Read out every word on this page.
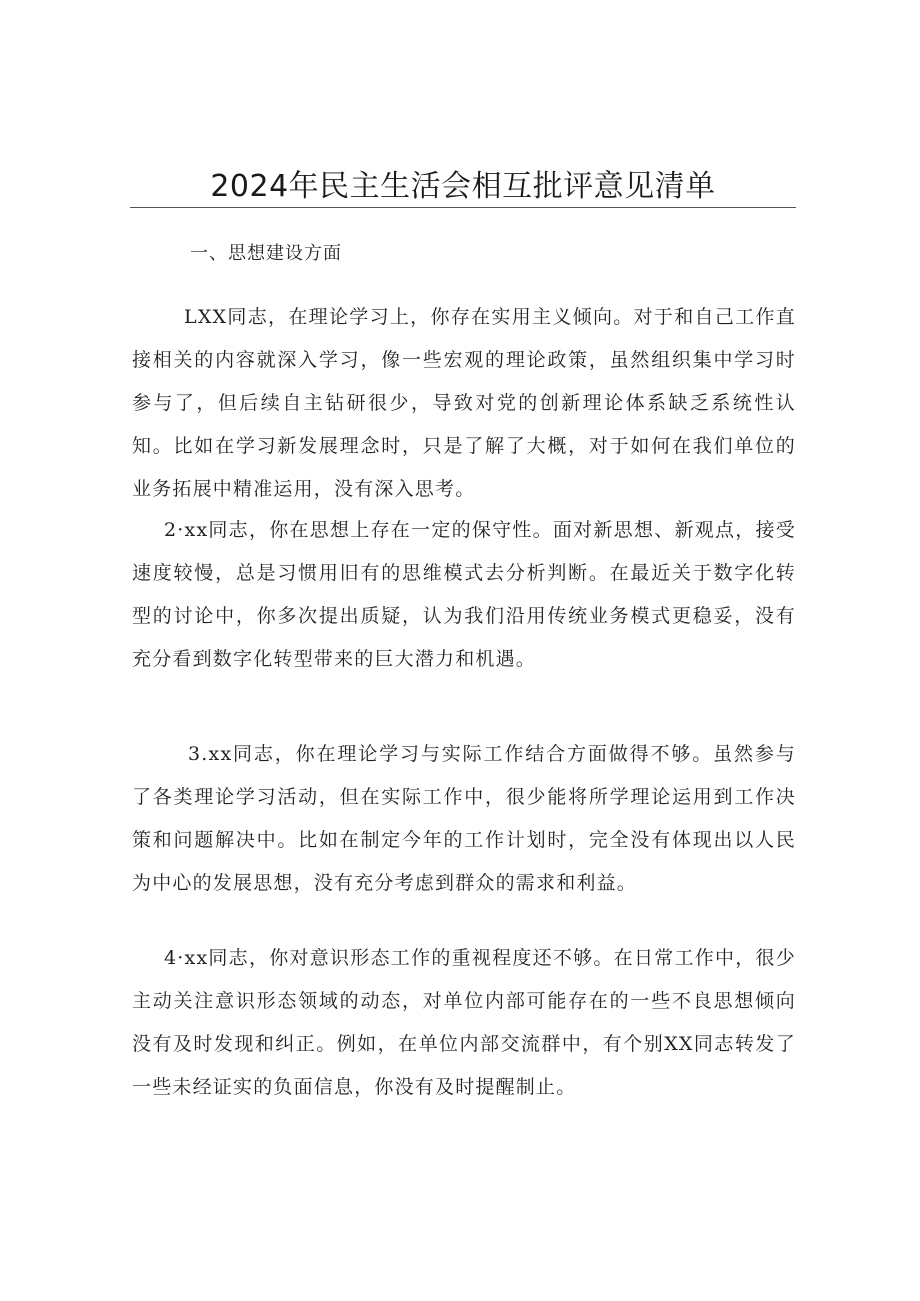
2024年民主生活会相互批评意见清单
一、思想建设方面

LXX同志，在理论学习上，你存在实用主义倾向。对于和自己工作直接相关的内容就深入学习，像一些宏观的理论政策，虽然组织集中学习时参与了，但后续自主钻研很少，导致对党的创新理论体系缺乏系统性认知。比如在学习新发展理念时，只是了解了大概，对于如何在我们单位的业务拓展中精准运用，没有深入思考。

2·xx同志，你在思想上存在一定的保守性。面对新思想、新观点，接受速度较慢，总是习惯用旧有的思维模式去分析判断。在最近关于数字化转型的讨论中，你多次提出质疑，认为我们沿用传统业务模式更稳妥，没有充分看到数字化转型带来的巨大潜力和机遇。

3.xx同志，你在理论学习与实际工作结合方面做得不够。虽然参与了各类理论学习活动，但在实际工作中，很少能将所学理论运用到工作决策和问题解决中。比如在制定今年的工作计划时，完全没有体现出以人民为中心的发展思想，没有充分考虑到群众的需求和利益。

4·xx同志，你对意识形态工作的重视程度还不够。在日常工作中，很少主动关注意识形态领域的动态，对单位内部可能存在的一些不良思想倾向没有及时发现和纠正。例如，在单位内部交流群中，有个别XX同志转发了一些未经证实的负面信息，你没有及时提醒制止。
